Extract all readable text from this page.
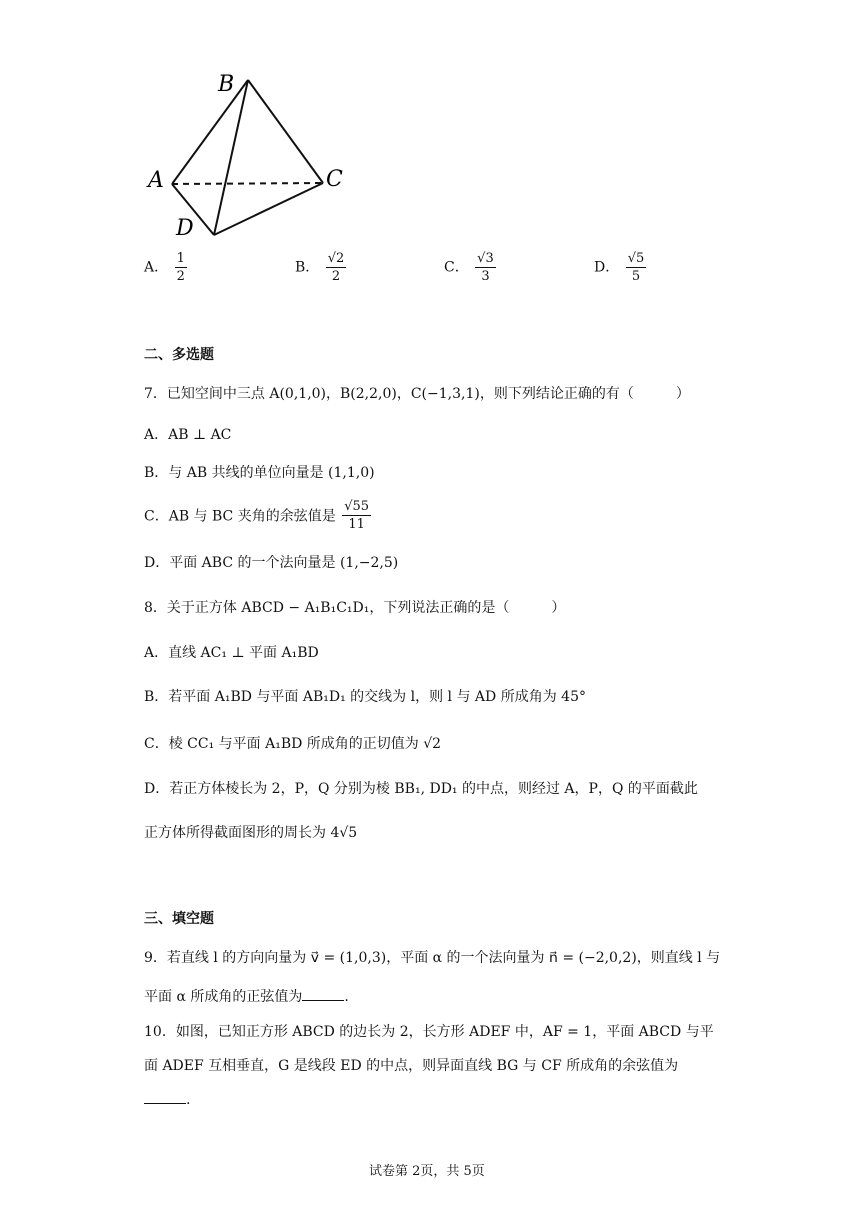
B
A	C
D
A． $\frac{1}{2}$	B． $\frac{√2}{2}$	C． $\frac{√3}{3}$	D． $\frac{√5}{5}$
二、多选题
7．已知空间中三点 A(0,1,0)，B(2,2,0)，C(−1,3,1)，则下列结论正确的有（　　　）
A．AB ⊥ AC
B．与 AB 共线的单位向量是 (1,1,0)
C．AB 与 BC 夹角的余弦值是 $\frac{√55}{11}$
D．平面 ABC 的一个法向量是 (1,−2,5)
8．关于正方体 ABCD − A₁B₁C₁D₁，下列说法正确的是（　　　）
A．直线 AC₁ ⊥ 平面 A₁BD
B．若平面 A₁BD 与平面 AB₁D₁ 的交线为 l，则 l 与 AD 所成角为 45°
C．棱 CC₁ 与平面 A₁BD 所成角的正切值为 √2
D．若正方体棱长为 2，P，Q 分别为棱 BB₁, DD₁ 的中点，则经过 A，P，Q 的平面截此
正方体所得截面图形的周长为 4√5
三、填空题
9．若直线 l 的方向向量为 v⃗ = (1,0,3)，平面 α 的一个法向量为 n⃗ = (−2,0,2)，则直线 l 与
平面 α 所成角的正弦值为	.
10．如图，已知正方形 ABCD 的边长为 2，长方形 ADEF 中，AF = 1，平面 ABCD 与平
面 ADEF 互相垂直，G 是线段 ED 的中点，则异面直线 BG 与 CF 所成角的余弦值为
.
试卷第 2页，共 5页
